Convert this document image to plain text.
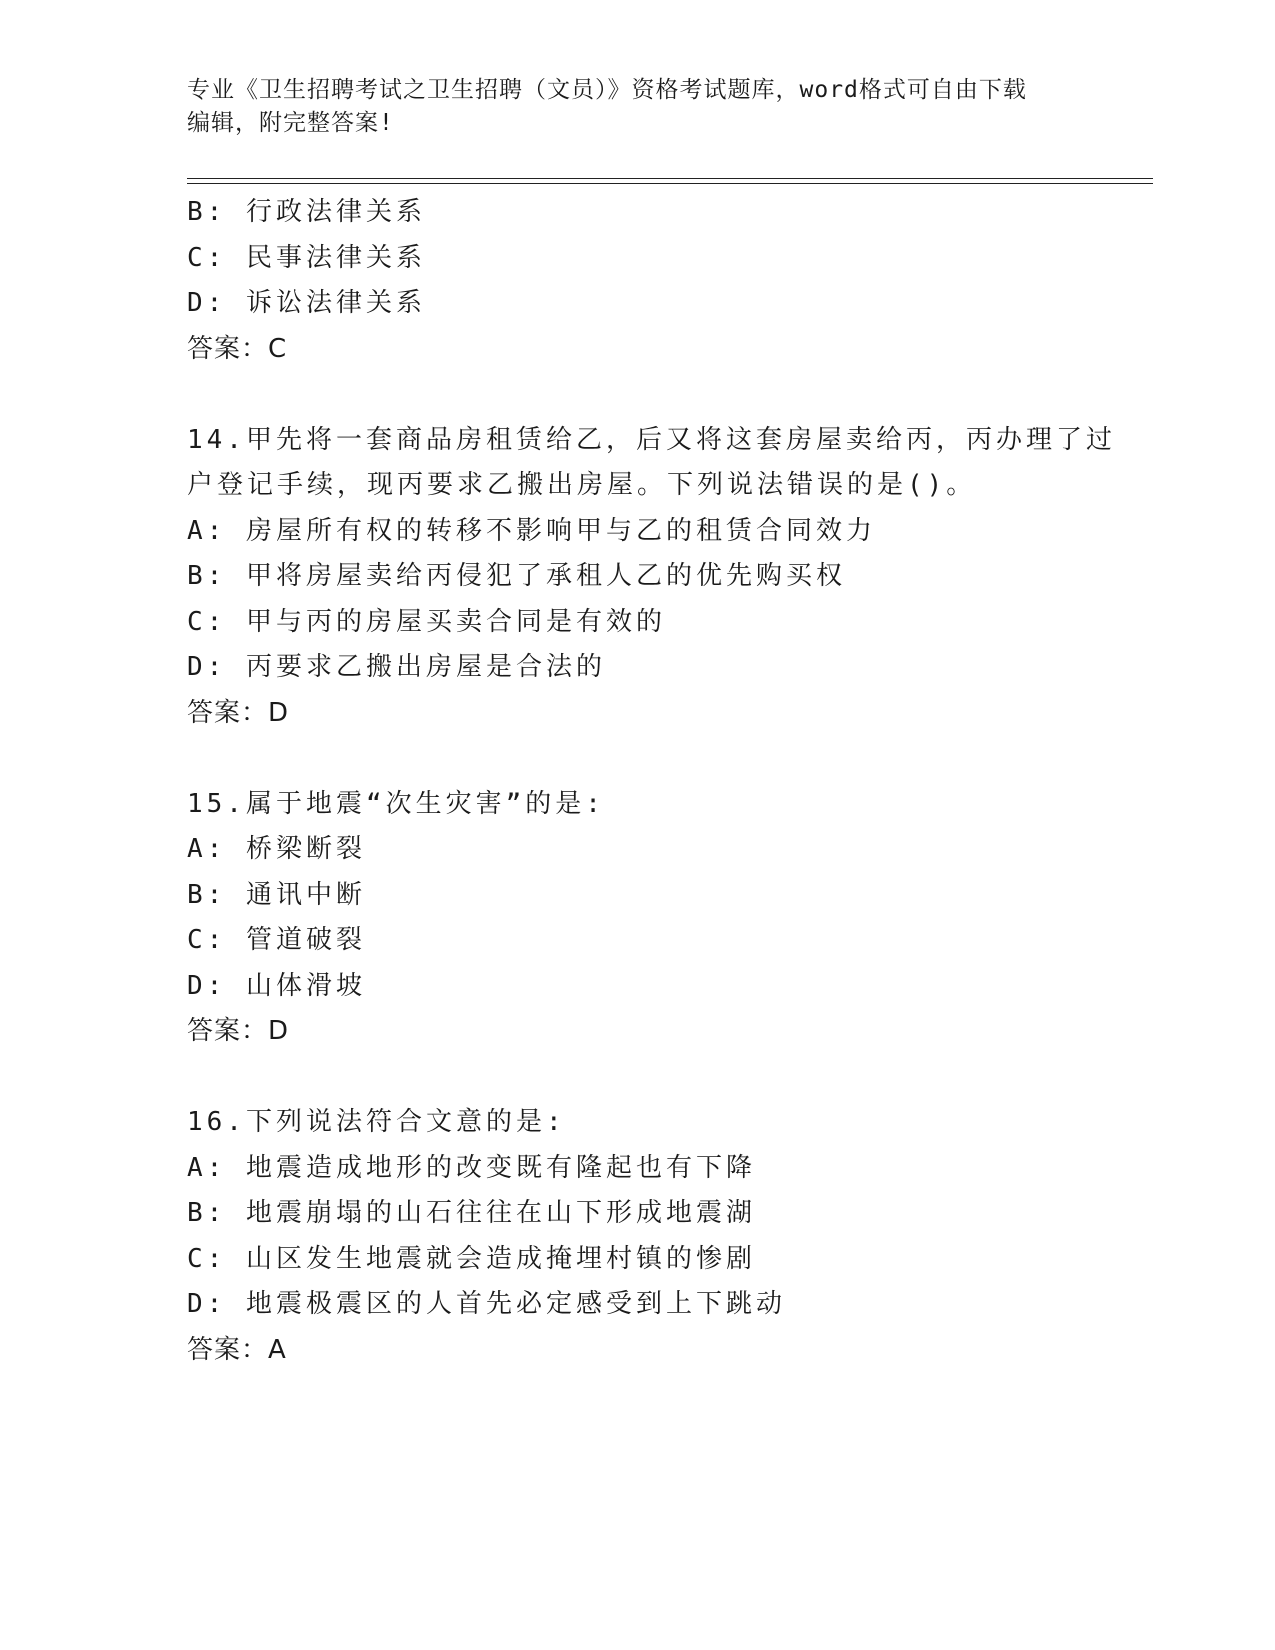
专业《卫生招聘考试之卫生招聘（文员）》资格考试题库，word格式可自由下载
编辑，附完整答案!
B: 行政法律关系
C: 民事法律关系
D: 诉讼法律关系
答案：C
14.甲先将一套商品房租赁给乙，后又将这套房屋卖给丙，丙办理了过
户登记手续，现丙要求乙搬出房屋。下列说法错误的是()。
A: 房屋所有权的转移不影响甲与乙的租赁合同效力
B: 甲将房屋卖给丙侵犯了承租人乙的优先购买权
C: 甲与丙的房屋买卖合同是有效的
D: 丙要求乙搬出房屋是合法的
答案：D
15.属于地震“次生灾害”的是:
A: 桥梁断裂
B: 通讯中断
C: 管道破裂
D: 山体滑坡
答案：D
16.下列说法符合文意的是:
A: 地震造成地形的改变既有隆起也有下降
B: 地震崩塌的山石往往在山下形成地震湖
C: 山区发生地震就会造成掩埋村镇的惨剧
D: 地震极震区的人首先必定感受到上下跳动
答案：A
